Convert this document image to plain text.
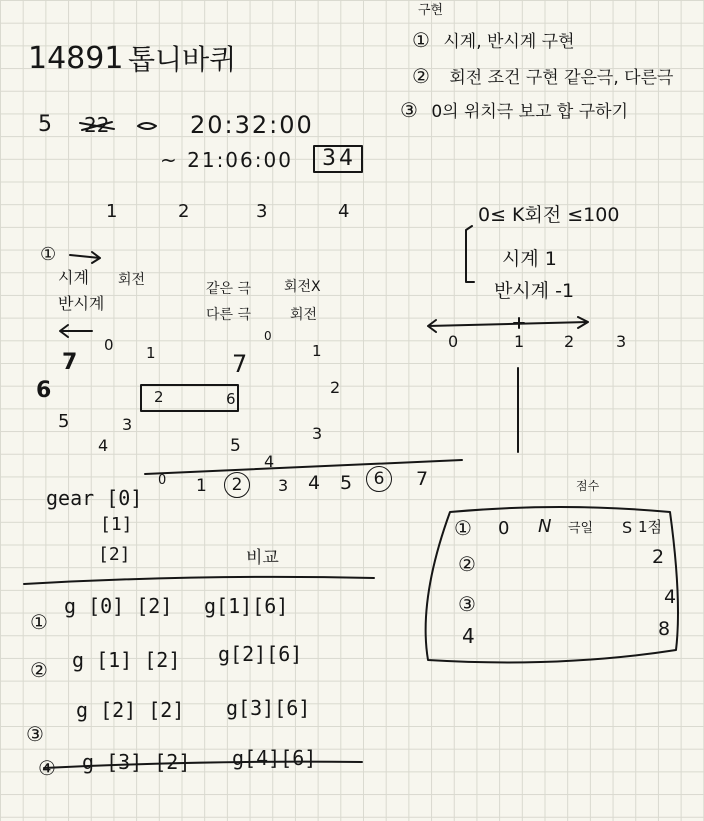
14891 톱니바퀴
5 22	20:32:00
~ 21:06:00 34
구현
① 시계, 반시계 구현
② 회전 조건 구현 같은극, 다른극
③ 0의 위치극 보고 합 구하기
1	2	3	4
①
시계 회전
반시계
같은 극 회전X
다른 극	회전
0≤ K회전 ≤100
시계 1
반시계 -1
0	1 2	3
0 1
7
6	2	6
5	3
4
0
1
7
2
3
5
4
0 1	2	3 4 5	6	7
gear [0]
[1]
[2]	비교
①
g [0] [2] g[1][6]
② g [1] [2] g[2][6]
③
g [2] [2] g[3][6]
④ g [3] [2] g[4][6]
점수
① 0 N 극일 S 1점
②	2
③	4
4	8
